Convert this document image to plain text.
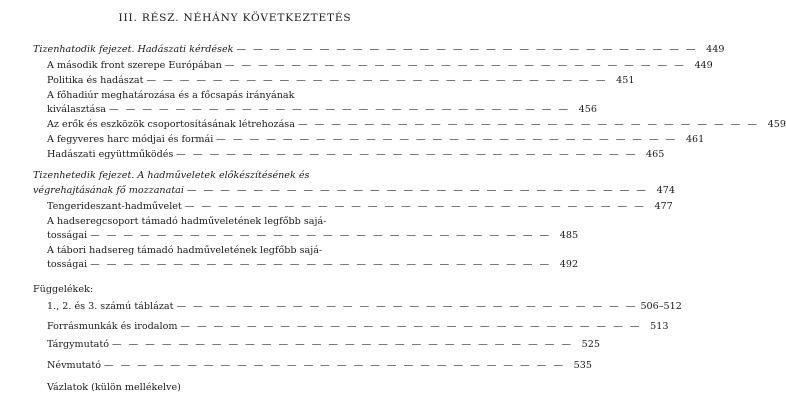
III. RÉSZ. NÉHÁNY KÖVETKEZTETÉS
Tizenhatodik fejezet. Hadászati kérdések — — — — — — — — — — — — — — — — — — — — — — — — — — — — 449
A második front szerepe Európában — — — — — — — — — — — — — — — — — — — — — — — — — — — — 449
Politika és hadászat — — — — — — — — — — — — — — — — — — — — — — — — — — — — 451
A főhadiúr meghatározása és a főcsapás irányának
kiválasztása — — — — — — — — — — — — — — — — — — — — — — — — — — — — 456
Az erők és eszközök csoportosításának létrehozása — — — — — — — — — — — — — — — — — — — — — — — — — — — — 459
A fegyveres harc módjai és formái — — — — — — — — — — — — — — — — — — — — — — — — — — — — 461
Hadászati együttműködés — — — — — — — — — — — — — — — — — — — — — — — — — — — — 465
Tizenhetedik fejezet. A hadműveletek előkészítésének és
végrehajtásának fő mozzanatai — — — — — — — — — — — — — — — — — — — — — — — — — — — — 474
Tengerideszant-hadművelet — — — — — — — — — — — — — — — — — — — — — — — — — — — — 477
A hadseregcsoport támadó hadműveletének legfőbb sajá-
tosságai — — — — — — — — — — — — — — — — — — — — — — — — — — — — 485
A tábori hadsereg támadó hadműveletének legfőbb sajá-
tosságai — — — — — — — — — — — — — — — — — — — — — — — — — — — — 492
Függelékek:
1., 2. és 3. számú táblázat — — — — — — — — — — — — — — — — — — — — — — — — — — — — 506–512
Forrásmunkák és irodalom — — — — — — — — — — — — — — — — — — — — — — — — — — — — 513
Tárgymutató — — — — — — — — — — — — — — — — — — — — — — — — — — — — 525
Névmutató — — — — — — — — — — — — — — — — — — — — — — — — — — — — 535
Vázlatok (külön mellékelve)
